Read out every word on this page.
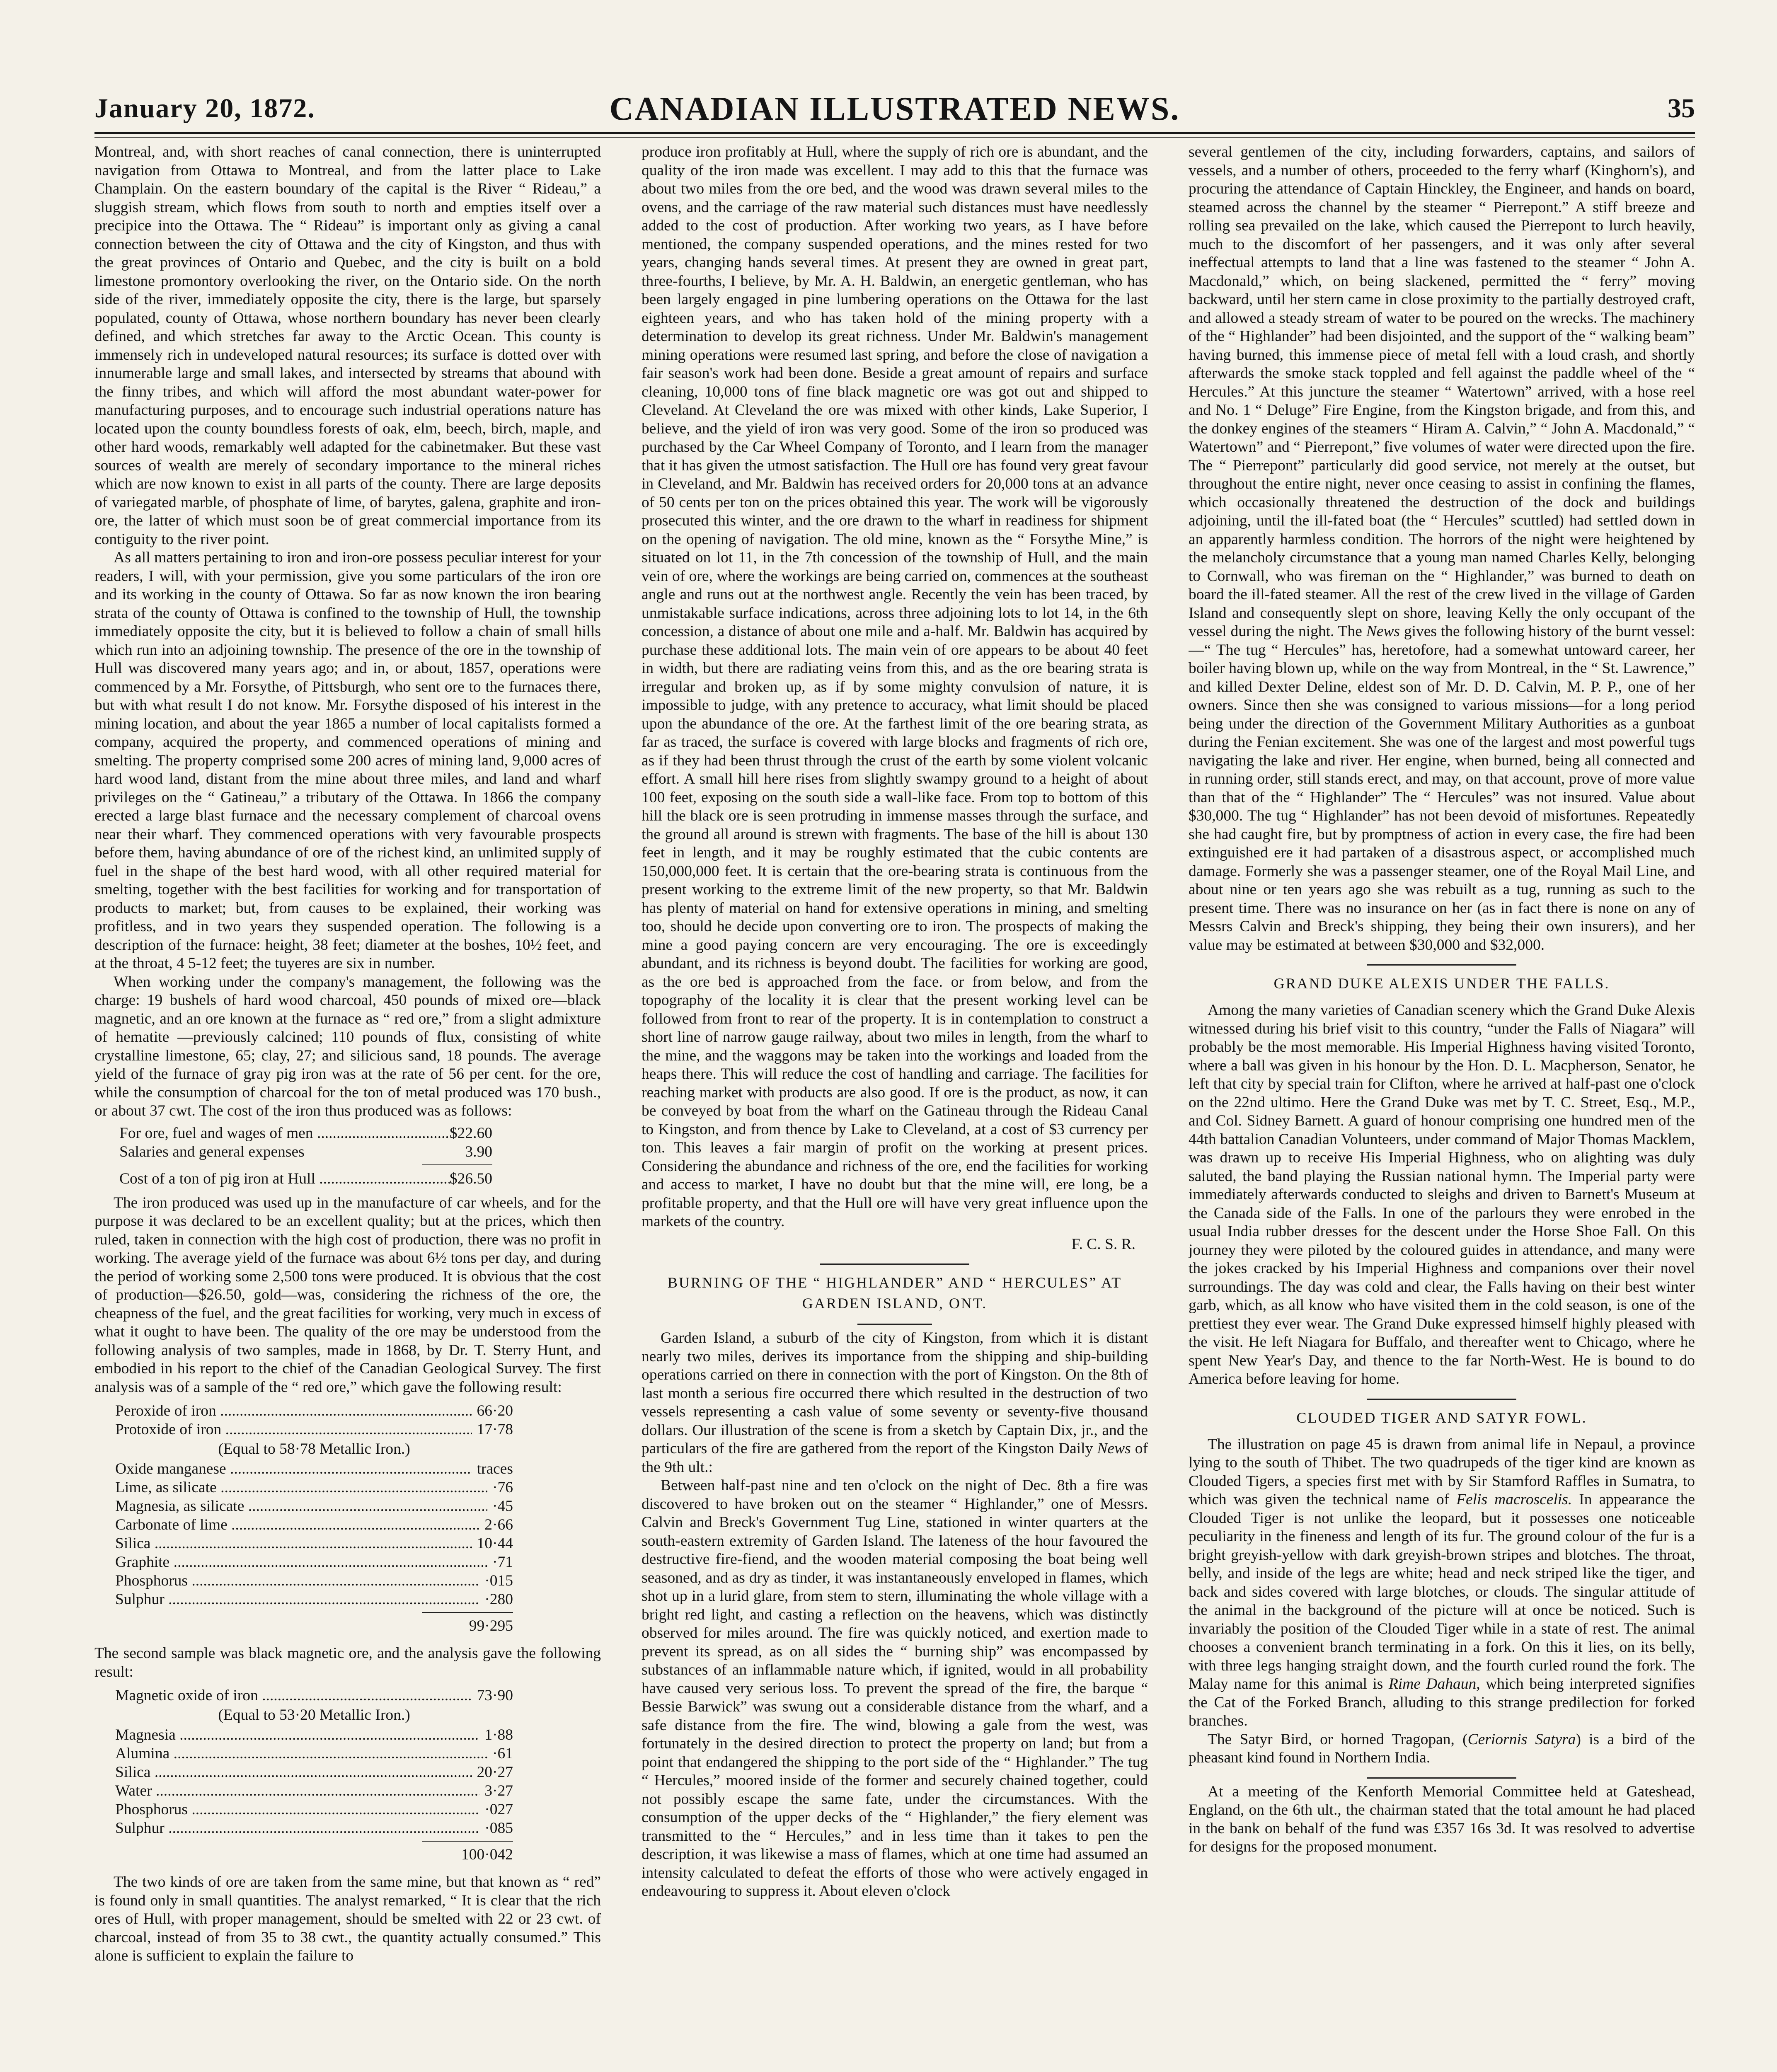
January 20, 1872.	CANADIAN ILLUSTRATED NEWS.	35

Montreal, and, with short reaches of canal connection, there is uninterrupted navigation from Ottawa to Montreal, and from the latter place to Lake Champlain. On the eastern boundary of the capital is the River “ Rideau,” a sluggish stream, which flows from south to north and empties itself over a precipice into the Ottawa. The “ Rideau” is important only as giving a canal connection between the city of Ottawa and the city of Kingston, and thus with the great provinces of Ontario and Quebec, and the city is built on a bold limestone promontory overlooking the river, on the Ontario side. On the north side of the river, immediately opposite the city, there is the large, but sparsely populated, county of Ottawa, whose northern boundary has never been clearly defined, and which stretches far away to the Arctic Ocean. This county is immensely rich in undeveloped natural resources; its surface is dotted over with innumerable large and small lakes, and intersected by streams that abound with the finny tribes, and which will afford the most abundant water-power for manufacturing purposes, and to encourage such industrial operations nature has located upon the county boundless forests of oak, elm, beech, birch, maple, and other hard woods, remarkably well adapted for the cabinetmaker. But these vast sources of wealth are merely of secondary importance to the mineral riches which are now known to exist in all parts of the county. There are large deposits of variegated marble, of phosphate of lime, of barytes, galena, graphite and iron-ore, the latter of which must soon be of great commercial importance from its contiguity to the river point.

As all matters pertaining to iron and iron-ore possess peculiar interest for your readers, I will, with your permission, give you some particulars of the iron ore and its working in the county of Ottawa. So far as now known the iron bearing strata of the county of Ottawa is confined to the township of Hull, the township immediately opposite the city, but it is believed to follow a chain of small hills which run into an adjoining township. The presence of the ore in the township of Hull was discovered many years ago; and in, or about, 1857, operations were commenced by a Mr. Forsythe, of Pittsburgh, who sent ore to the furnaces there, but with what result I do not know. Mr. Forsythe disposed of his interest in the mining location, and about the year 1865 a number of local capitalists formed a company, acquired the property, and commenced operations of mining and smelting. The property comprised some 200 acres of mining land, 9,000 acres of hard wood land, distant from the mine about three miles, and land and wharf privileges on the “ Gatineau,” a tributary of the Ottawa. In 1866 the company erected a large blast furnace and the necessary complement of charcoal ovens near their wharf. They commenced operations with very favourable prospects before them, having abundance of ore of the richest kind, an unlimited supply of fuel in the shape of the best hard wood, with all other required material for smelting, together with the best facilities for working and for transportation of products to market; but, from causes to be explained, their working was profitless, and in two years they suspended operation. The following is a description of the furnace: height, 38 feet; diameter at the boshes, 10½ feet, and at the throat, 4 5-12 feet; the tuyeres are six in number.

When working under the company's management, the following was the charge: 19 bushels of hard wood charcoal, 450 pounds of mixed ore—black magnetic, and an ore known at the furnace as “ red ore,” from a slight admixture of hematite —previously calcined; 110 pounds of flux, consisting of white crystalline limestone, 65; clay, 27; and silicious sand, 18 pounds. The average yield of the furnace of gray pig iron was at the rate of 56 per cent. for the ore, while the consumption of charcoal for the ton of metal produced was 170 bush., or about 37 cwt. The cost of the iron thus produced was as follows:

For ore, fuel and wages of men .....	$22.60
Salaries and general expenses	3.90
Cost of a ton of pig iron at Hull .....	$26.50

The iron produced was used up in the manufacture of car wheels, and for the purpose it was declared to be an excellent quality; but at the prices, which then ruled, taken in connection with the high cost of production, there was no profit in working. The average yield of the furnace was about 6½ tons per day, and during the period of working some 2,500 tons were produced. It is obvious that the cost of production—$26.50, gold—was, considering the richness of the ore, the cheapness of the fuel, and the great facilities for working, very much in excess of what it ought to have been. The quality of the ore may be understood from the following analysis of two samples, made in 1868, by Dr. T. Sterry Hunt, and embodied in his report to the chief of the Canadian Geological Survey. The first analysis was of a sample of the “ red ore,” which gave the following result:

Peroxide of iron .....	66·20
Protoxide of iron .....	17·78
(Equal to 58·78 Metallic Iron.)
Oxide manganese .....	traces
Lime, as silicate .....	·76
Magnesia, as silicate .....	·45
Carbonate of lime .....	2·66
Silica .....	10·44
Graphite .....	·71
Phosphorus .....	·015
Sulphur .....	·280
99·295

The second sample was black magnetic ore, and the analysis gave the following result:

Magnetic oxide of iron .....	73·90
(Equal to 53·20 Metallic Iron.)
Magnesia .....	1·88
Alumina .....	·61
Silica .....	20·27
Water .....	3·27
Phosphorus .....	·027
Sulphur .....	·085
100·042

The two kinds of ore are taken from the same mine, but that known as “ red” is found only in small quantities. The analyst remarked, “ It is clear that the rich ores of Hull, with proper management, should be smelted with 22 or 23 cwt. of charcoal, instead of from 35 to 38 cwt., the quantity actually consumed.” This alone is sufficient to explain the failure to

produce iron profitably at Hull, where the supply of rich ore is abundant, and the quality of the iron made was excellent. I may add to this that the furnace was about two miles from the ore bed, and the wood was drawn several miles to the ovens, and the carriage of the raw material such distances must have needlessly added to the cost of production. After working two years, as I have before mentioned, the company suspended operations, and the mines rested for two years, changing hands several times. At present they are owned in great part, three-fourths, I believe, by Mr. A. H. Baldwin, an energetic gentleman, who has been largely engaged in pine lumbering operations on the Ottawa for the last eighteen years, and who has taken hold of the mining property with a determination to develop its great richness. Under Mr. Baldwin's management mining operations were resumed last spring, and before the close of navigation a fair season's work had been done. Beside a great amount of repairs and surface cleaning, 10,000 tons of fine black magnetic ore was got out and shipped to Cleveland. At Cleveland the ore was mixed with other kinds, Lake Superior, I believe, and the yield of iron was very good. Some of the iron so produced was purchased by the Car Wheel Company of Toronto, and I learn from the manager that it has given the utmost satisfaction. The Hull ore has found very great favour in Cleveland, and Mr. Baldwin has received orders for 20,000 tons at an advance of 50 cents per ton on the prices obtained this year. The work will be vigorously prosecuted this winter, and the ore drawn to the wharf in readiness for shipment on the opening of navigation. The old mine, known as the “ Forsythe Mine,” is situated on lot 11, in the 7th concession of the township of Hull, and the main vein of ore, where the workings are being carried on, commences at the southeast angle and runs out at the northwest angle. Recently the vein has been traced, by unmistakable surface indications, across three adjoining lots to lot 14, in the 6th concession, a distance of about one mile and a-half. Mr. Baldwin has acquired by purchase these additional lots. The main vein of ore appears to be about 40 feet in width, but there are radiating veins from this, and as the ore bearing strata is irregular and broken up, as if by some mighty convulsion of nature, it is impossible to judge, with any pretence to accuracy, what limit should be placed upon the abundance of the ore. At the farthest limit of the ore bearing strata, as far as traced, the surface is covered with large blocks and fragments of rich ore, as if they had been thrust through the crust of the earth by some violent volcanic effort. A small hill here rises from slightly swampy ground to a height of about 100 feet, exposing on the south side a wall-like face. From top to bottom of this hill the black ore is seen protruding in immense masses through the surface, and the ground all around is strewn with fragments. The base of the hill is about 130 feet in length, and it may be roughly estimated that the cubic contents are 150,000,000 feet. It is certain that the ore-bearing strata is continuous from the present working to the extreme limit of the new property, so that Mr. Baldwin has plenty of material on hand for extensive operations in mining, and smelting too, should he decide upon converting ore to iron. The prospects of making the mine a good paying concern are very encouraging. The ore is exceedingly abundant, and its richness is beyond doubt. The facilities for working are good, as the ore bed is approached from the face. or from below, and from the topography of the locality it is clear that the present working level can be followed from front to rear of the property. It is in contemplation to construct a short line of narrow gauge railway, about two miles in length, from the wharf to the mine, and the waggons may be taken into the workings and loaded from the heaps there. This will reduce the cost of handling and carriage. The facilities for reaching market with products are also good. If ore is the product, as now, it can be conveyed by boat from the wharf on the Gatineau through the Rideau Canal to Kingston, and from thence by Lake to Cleveland, at a cost of $3 currency per ton. This leaves a fair margin of profit on the working at present prices. Considering the abundance and richness of the ore, end the facilities for working and access to market, I have no doubt but that the mine will, ere long, be a profitable property, and that the Hull ore will have very great influence upon the markets of the country.

F. C. S. R.

BURNING OF THE “ HIGHLANDER” AND “ HERCULES” AT GARDEN ISLAND, ONT.

Garden Island, a suburb of the city of Kingston, from which it is distant nearly two miles, derives its importance from the shipping and ship-building operations carried on there in connection with the port of Kingston. On the 8th of last month a serious fire occurred there which resulted in the destruction of two vessels representing a cash value of some seventy or seventy-five thousand dollars. Our illustration of the scene is from a sketch by Captain Dix, jr., and the particulars of the fire are gathered from the report of the Kingston Daily News of the 9th ult.:

Between half-past nine and ten o'clock on the night of Dec. 8th a fire was discovered to have broken out on the steamer “ Highlander,” one of Messrs. Calvin and Breck's Government Tug Line, stationed in winter quarters at the south-eastern extremity of Garden Island. The lateness of the hour favoured the destructive fire-fiend, and the wooden material composing the boat being well seasoned, and as dry as tinder, it was instantaneously enveloped in flames, which shot up in a lurid glare, from stem to stern, illuminating the whole village with a bright red light, and casting a reflection on the heavens, which was distinctly observed for miles around. The fire was quickly noticed, and exertion made to prevent its spread, as on all sides the “ burning ship” was encompassed by substances of an inflammable nature which, if ignited, would in all probability have caused very serious loss. To prevent the spread of the fire, the barque “ Bessie Barwick” was swung out a considerable distance from the wharf, and a safe distance from the fire. The wind, blowing a gale from the west, was fortunately in the desired direction to protect the property on land; but from a point that endangered the shipping to the port side of the “ Highlander.” The tug “ Hercules,” moored inside of the former and securely chained together, could not possibly escape the same fate, under the circumstances. With the consumption of the upper decks of the “ Highlander,” the fiery element was transmitted to the “ Hercules,” and in less time than it takes to pen the description, it was likewise a mass of flames, which at one time had assumed an intensity calculated to defeat the efforts of those who were actively engaged in endeavouring to suppress it. About eleven o'clock

several gentlemen of the city, including forwarders, captains, and sailors of vessels, and a number of others, proceeded to the ferry wharf (Kinghorn's), and procuring the attendance of Captain Hinckley, the Engineer, and hands on board, steamed across the channel by the steamer “ Pierrepont.” A stiff breeze and rolling sea prevailed on the lake, which caused the Pierrepont to lurch heavily, much to the discomfort of her passengers, and it was only after several ineffectual attempts to land that a line was fastened to the steamer “ John A. Macdonald,” which, on being slackened, permitted the “ ferry” moving backward, until her stern came in close proximity to the partially destroyed craft, and allowed a steady stream of water to be poured on the wrecks. The machinery of the “ Highlander” had been disjointed, and the support of the “ walking beam” having burned, this immense piece of metal fell with a loud crash, and shortly afterwards the smoke stack toppled and fell against the paddle wheel of the “ Hercules.” At this juncture the steamer “ Watertown” arrived, with a hose reel and No. 1 “ Deluge” Fire Engine, from the Kingston brigade, and from this, and the donkey engines of the steamers “ Hiram A. Calvin,” “ John A. Macdonald,” “ Watertown” and “ Pierrepont,” five volumes of water were directed upon the fire. The “ Pierrepont” particularly did good service, not merely at the outset, but throughout the entire night, never once ceasing to assist in confining the flames, which occasionally threatened the destruction of the dock and buildings adjoining, until the ill-fated boat (the “ Hercules” scuttled) had settled down in an apparently harmless condition. The horrors of the night were heightened by the melancholy circumstance that a young man named Charles Kelly, belonging to Cornwall, who was fireman on the “ Highlander,” was burned to death on board the ill-fated steamer. All the rest of the crew lived in the village of Garden Island and consequently slept on shore, leaving Kelly the only occupant of the vessel during the night. The News gives the following history of the burnt vessel:—“ The tug “ Hercules” has, heretofore, had a somewhat untoward career, her boiler having blown up, while on the way from Montreal, in the “ St. Lawrence,” and killed Dexter Deline, eldest son of Mr. D. D. Calvin, M. P. P., one of her owners. Since then she was consigned to various missions—for a long period being under the direction of the Government Military Authorities as a gunboat during the Fenian excitement. She was one of the largest and most powerful tugs navigating the lake and river. Her engine, when burned, being all connected and in running order, still stands erect, and may, on that account, prove of more value than that of the “ Highlander” The “ Hercules” was not insured. Value about $30,000. The tug “ Highlander” has not been devoid of misfortunes. Repeatedly she had caught fire, but by promptness of action in every case, the fire had been extinguished ere it had partaken of a disastrous aspect, or accomplished much damage. Formerly she was a passenger steamer, one of the Royal Mail Line, and about nine or ten years ago she was rebuilt as a tug, running as such to the present time. There was no insurance on her (as in fact there is none on any of Messrs Calvin and Breck's shipping, they being their own insurers), and her value may be estimated at between $30,000 and $32,000.

GRAND DUKE ALEXIS UNDER THE FALLS.

Among the many varieties of Canadian scenery which the Grand Duke Alexis witnessed during his brief visit to this country, “under the Falls of Niagara” will probably be the most memorable. His Imperial Highness having visited Toronto, where a ball was given in his honour by the Hon. D. L. Macpherson, Senator, he left that city by special train for Clifton, where he arrived at half-past one o'clock on the 22nd ultimo. Here the Grand Duke was met by T. C. Street, Esq., M.P., and Col. Sidney Barnett. A guard of honour comprising one hundred men of the 44th battalion Canadian Volunteers, under command of Major Thomas Macklem, was drawn up to receive His Imperial Highness, who on alighting was duly saluted, the band playing the Russian national hymn. The Imperial party were immediately afterwards conducted to sleighs and driven to Barnett's Museum at the Canada side of the Falls. In one of the parlours they were enrobed in the usual India rubber dresses for the descent under the Horse Shoe Fall. On this journey they were piloted by the coloured guides in attendance, and many were the jokes cracked by his Imperial Highness and companions over their novel surroundings. The day was cold and clear, the Falls having on their best winter garb, which, as all know who have visited them in the cold season, is one of the prettiest they ever wear. The Grand Duke expressed himself highly pleased with the visit. He left Niagara for Buffalo, and thereafter went to Chicago, where he spent New Year's Day, and thence to the far North-West. He is bound to do America before leaving for home.

CLOUDED TIGER AND SATYR FOWL.

The illustration on page 45 is drawn from animal life in Nepaul, a province lying to the south of Thibet. The two quadrupeds of the tiger kind are known as Clouded Tigers, a species first met with by Sir Stamford Raffles in Sumatra, to which was given the technical name of Felis macroscelis. In appearance the Clouded Tiger is not unlike the leopard, but it possesses one noticeable peculiarity in the fineness and length of its fur. The ground colour of the fur is a bright greyish-yellow with dark greyish-brown stripes and blotches. The throat, belly, and inside of the legs are white; head and neck striped like the tiger, and back and sides covered with large blotches, or clouds. The singular attitude of the animal in the background of the picture will at once be noticed. Such is invariably the position of the Clouded Tiger while in a state of rest. The animal chooses a convenient branch terminating in a fork. On this it lies, on its belly, with three legs hanging straight down, and the fourth curled round the fork. The Malay name for this animal is Rime Dahaun, which being interpreted signifies the Cat of the Forked Branch, alluding to this strange predilection for forked branches.

The Satyr Bird, or horned Tragopan, (Ceriornis Satyra) is a bird of the pheasant kind found in Northern India.

At a meeting of the Kenforth Memorial Committee held at Gateshead, England, on the 6th ult., the chairman stated that the total amount he had placed in the bank on behalf of the fund was £357 16s 3d. It was resolved to advertise for designs for the proposed monument.
